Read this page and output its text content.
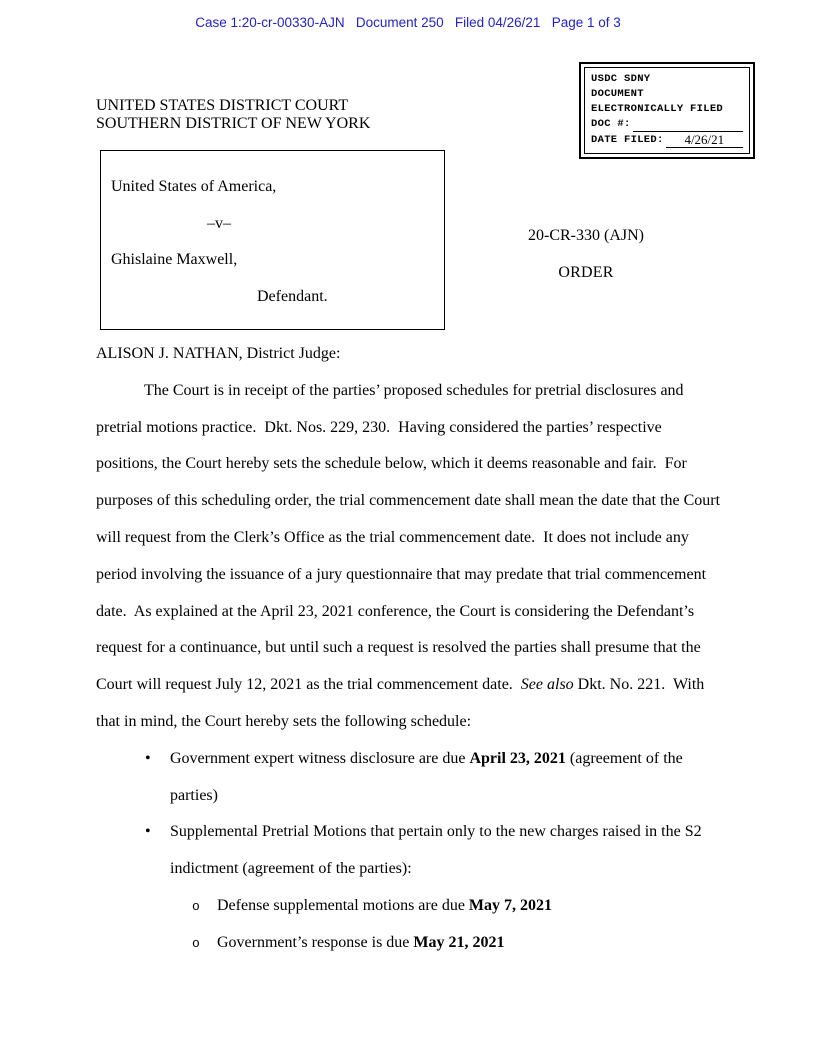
Case 1:20-cr-00330-AJN   Document 250   Filed 04/26/21   Page 1 of 3
USDC SDNY
DOCUMENT
ELECTRONICALLY FILED
DOC #:
DATE FILED:	4/26/21
UNITED STATES DISTRICT COURT
SOUTHERN DISTRICT OF NEW YORK
United States of America,
–v–
Ghislaine Maxwell,
Defendant.
20-CR-330 (AJN)
ORDER
ALISON J. NATHAN, District Judge:

The Court is in receipt of the parties’ proposed schedules for pretrial disclosures and pretrial motions practice.  Dkt. Nos. 229, 230.  Having considered the parties’ respective positions, the Court hereby sets the schedule below, which it deems reasonable and fair.  For purposes of this scheduling order, the trial commencement date shall mean the date that the Court will request from the Clerk’s Office as the trial commencement date.  It does not include any period involving the issuance of a jury questionnaire that may predate that trial commencement date.  As explained at the April 23, 2021 conference, the Court is considering the Defendant’s request for a continuance, but until such a request is resolved the parties shall presume that the Court will request July 12, 2021 as the trial commencement date.  See also Dkt. No. 221.  With that in mind, the Court hereby sets the following schedule:

• Government expert witness disclosure are due April 23, 2021 (agreement of the parties)
• Supplemental Pretrial Motions that pertain only to the new charges raised in the S2 indictment (agreement of the parties):
o Defense supplemental motions are due May 7, 2021
o Government’s response is due May 21, 2021
